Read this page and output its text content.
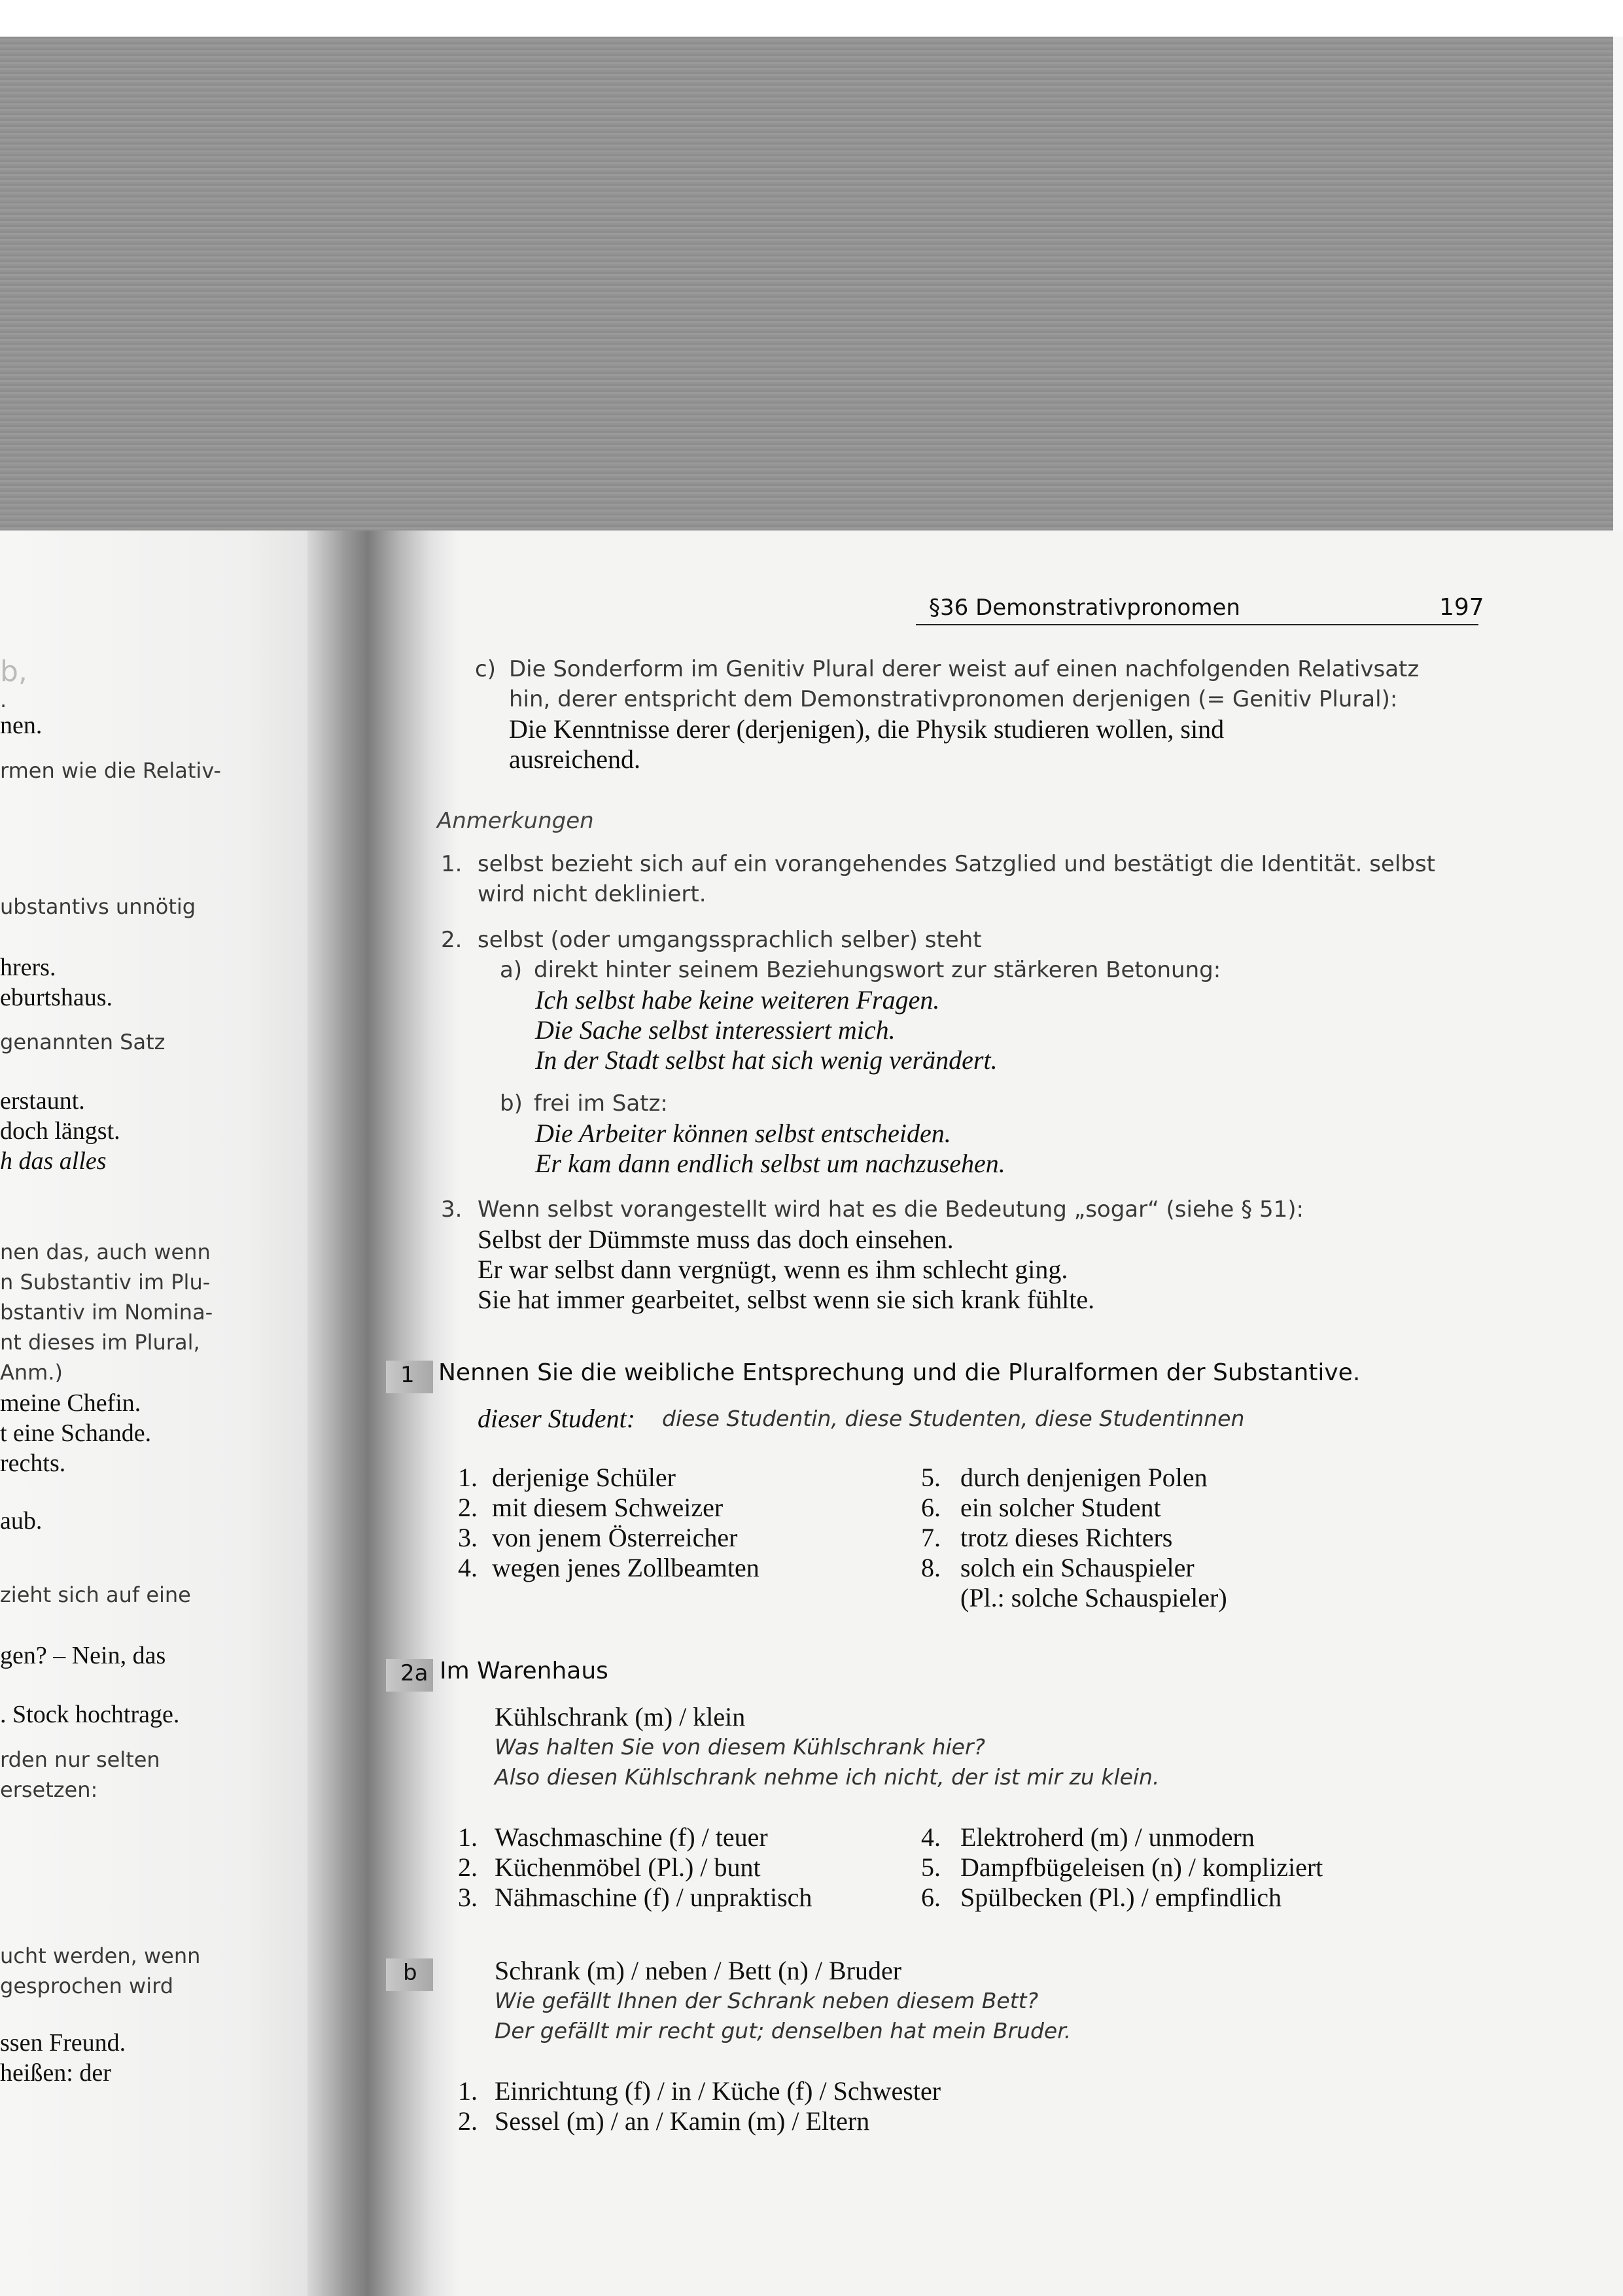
§36 Demonstrativpronomen	197
b,
.
nen.
rmen wie die Relativ-
ubstantivs unnötig
hrers.
eburtshaus.
genannten Satz
erstaunt.
doch längst.
h das alles
nen das, auch wenn
n Substantiv im Plu-
bstantiv im Nomina-
nt dieses im Plural,
Anm.)
meine Chefin.
t eine Schande.
rechts.
aub.
zieht sich auf eine
gen? – Nein, das
. Stock hochtrage.
rden nur selten
ersetzen:
ucht werden, wenn
gesprochen wird
ssen Freund.
heißen: der
c) Die Sonderform im Genitiv Plural derer weist auf einen nachfolgenden Relativsatz
hin, derer entspricht dem Demonstrativpronomen derjenigen (= Genitiv Plural):
Die Kenntnisse derer (derjenigen), die Physik studieren wollen, sind
ausreichend.
Anmerkungen
1. selbst bezieht sich auf ein vorangehendes Satzglied und bestätigt die Identität. selbst
wird nicht dekliniert.
2. selbst (oder umgangssprachlich selber) steht
a) direkt hinter seinem Beziehungswort zur stärkeren Betonung:
Ich selbst habe keine weiteren Fragen.
Die Sache selbst interessiert mich.
In der Stadt selbst hat sich wenig verändert.
b) frei im Satz:
Die Arbeiter können selbst entscheiden.
Er kam dann endlich selbst um nachzusehen.
3. Wenn selbst vorangestellt wird hat es die Bedeutung „sogar“ (siehe § 51):
Selbst der Dümmste muss das doch einsehen.
Er war selbst dann vergnügt, wenn es ihm schlecht ging.
Sie hat immer gearbeitet, selbst wenn sie sich krank fühlte.
1 Nennen Sie die weibliche Entsprechung und die Pluralformen der Substantive.
dieser Student: diese Studentin, diese Studenten, diese Studentinnen
1. derjenige Schüler
2. mit diesem Schweizer
3. von jenem Österreicher
4. wegen jenes Zollbeamten
5. durch denjenigen Polen
6. ein solcher Student
7. trotz dieses Richters
8. solch ein Schauspieler
(Pl.: solche Schauspieler)
2a Im Warenhaus
Kühlschrank (m) / klein
Was halten Sie von diesem Kühlschrank hier?
Also diesen Kühlschrank nehme ich nicht, der ist mir zu klein.
1. Waschmaschine (f) / teuer
2. Küchenmöbel (Pl.) / bunt
3. Nähmaschine (f) / unpraktisch
4. Elektroherd (m) / unmodern
5. Dampfbügeleisen (n) / kompliziert
6. Spülbecken (Pl.) / empfindlich
b	Schrank (m) / neben / Bett (n) / Bruder
Wie gefällt Ihnen der Schrank neben diesem Bett?
Der gefällt mir recht gut; denselben hat mein Bruder.
1. Einrichtung (f) / in / Küche (f) / Schwester
2. Sessel (m) / an / Kamin (m) / Eltern
